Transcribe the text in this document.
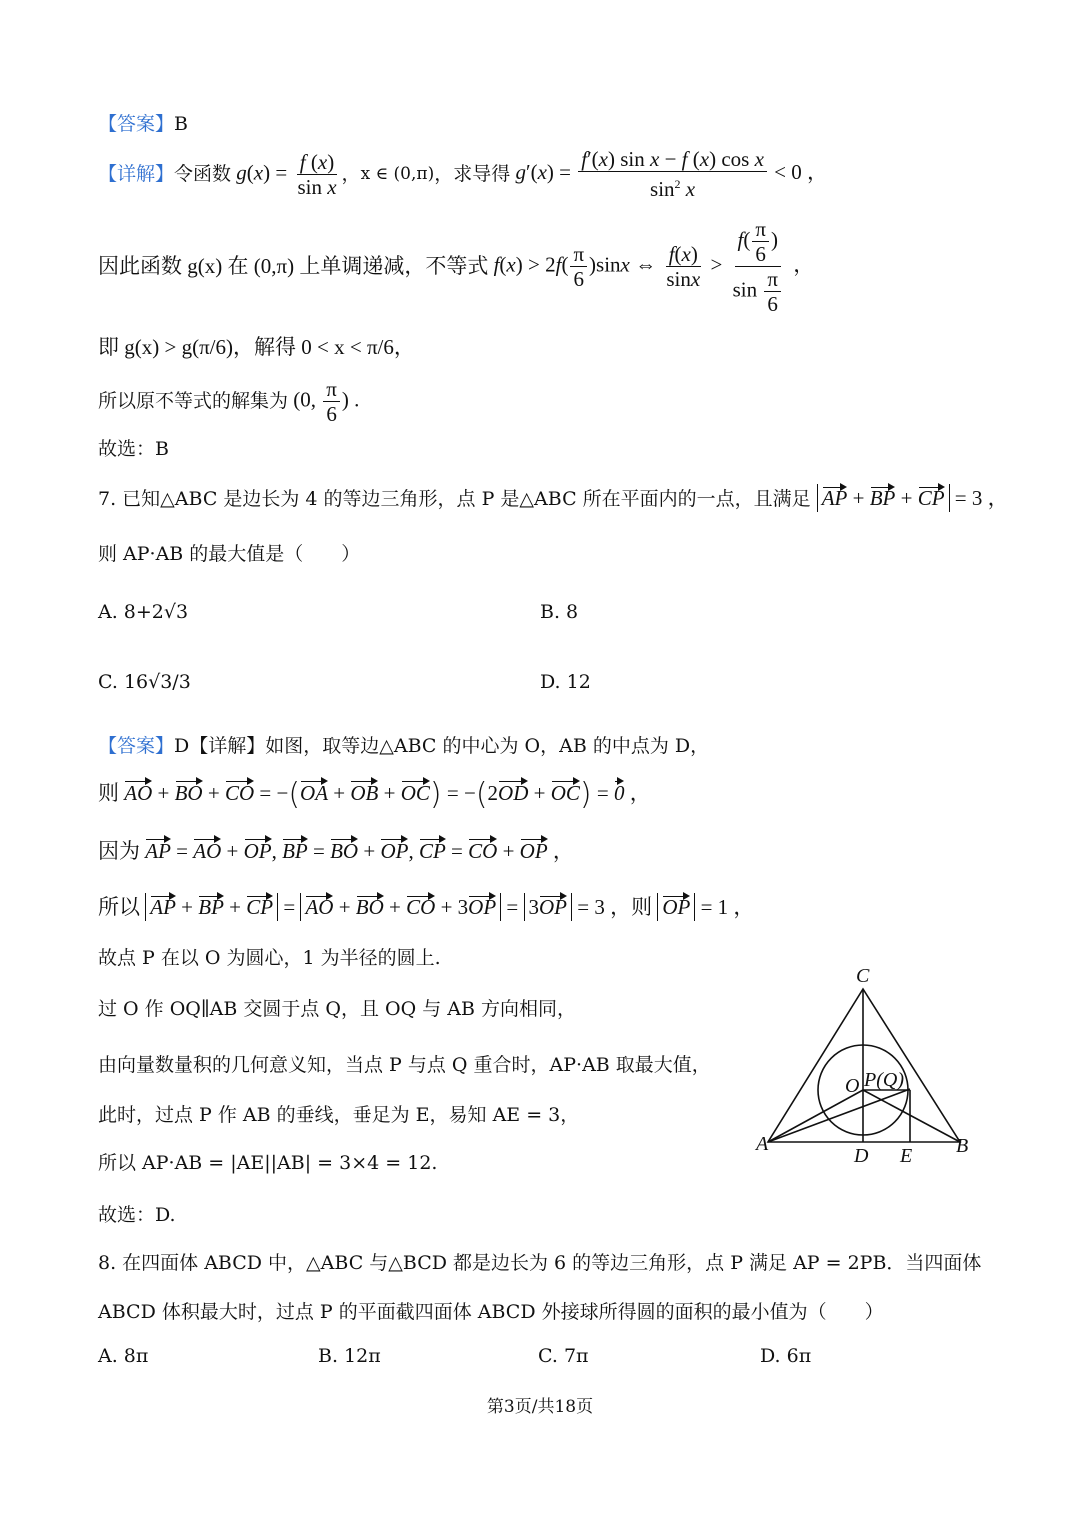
【答案】B
【详解】 令函数 $g(x) = \frac{f (x)}{\text{sin x}}$ ， x ∈ (0,π) ，求导得 $g'(x) = \frac{\text{f′(x) sin x − f (x) cos x}}{\sin^2 x} < 0$ ，
因此函数 g(x) 在 (0,π) 上单调递减，不等式 $f(x) > 2f( \frac{\pi}{6} )\sin x$ ⇔ $\frac{f(x)}{\sin x} > \frac{f( \frac{\pi}{6} )}{\sin \frac{\pi}{6}}$ ，
即 g(x) > g(π/6)，解得 0 < x < π/6，
所以原不等式的解集为 (0, $\frac{\pi}{6}$ ) .
故选：B
7. 已知△ABC 是边长为 4 的等边三角形，点 P 是△ABC 所在平面内的一点，且满足 AP + BP + CP = 3 ，
则 AP·AB 的最大值是（　　）
A. 8+2√3	B. 8
C. 16√3/3	D. 12
【答案】D【详解】如图，取等边△ABC 的中心为 O，AB 的中点为 D，
则 AO + BO + CO = −(OA + OB + OC) = −(2OD + OC) = 0 ，
因为 AP = AO + OP, BP = BO + OP, CP = CO + OP ，
所以 AP + BP + CP = AO + BO + CO + 3OP = 3OP = 3 ，则 OP = 1 ，
故点 P 在以 O 为圆心，1 为半径的圆上.
过 O 作 OQ∥AB 交圆于点 Q，且 OQ 与 AB 方向相同，
由向量数量积的几何意义知，当点 P 与点 Q 重合时，AP·AB 取最大值，
此时，过点 P 作 AB 的垂线，垂足为 E，易知 AE = 3，
所以 AP·AB = |AE||AB| = 3×4 = 12.
故选：D.
C
O P(Q)
A	B
D E
8. 在四面体 ABCD 中，△ABC 与△BCD 都是边长为 6 的等边三角形，点 P 满足 AP = 2PB．当四面体
ABCD 体积最大时，过点 P 的平面截四面体 ABCD 外接球所得圆的面积的最小值为（　　）
A. 8π	B. 12π	C. 7π	D. 6π
第3页/共18页
